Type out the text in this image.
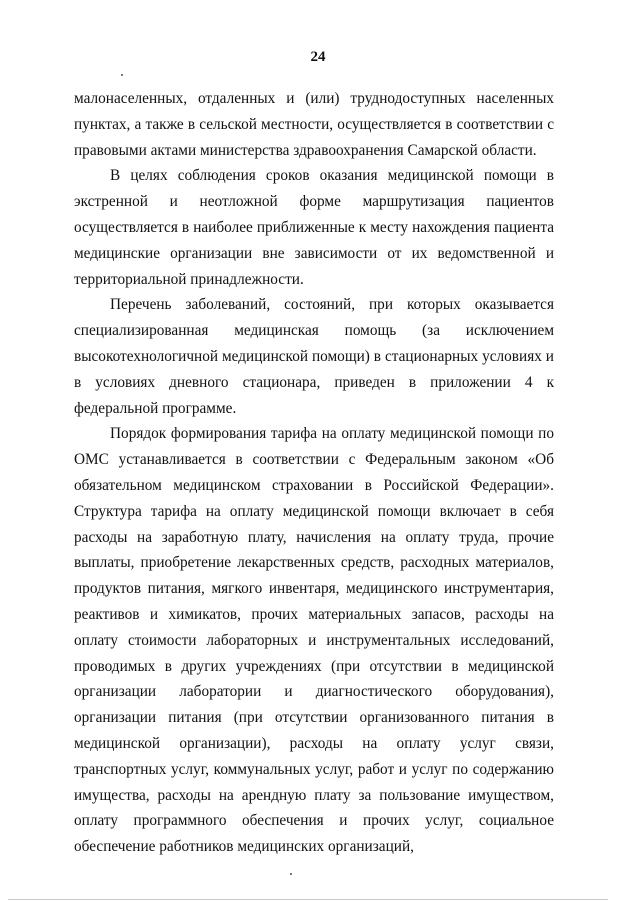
24

малонаселенных, отдаленных и (или) труднодоступных населенных пунктах, а также в сельской местности, осуществляется в соответствии с правовыми актами министерства здравоохранения Самарской области.

В целях соблюдения сроков оказания медицинской помощи в экстренной и неотложной форме маршрутизация пациентов осуществляется в наиболее приближенные к месту нахождения пациента медицинские организации вне зависимости от их ведомственной и территориальной принадлежности.

Перечень заболеваний, состояний, при которых оказывается специализированная медицинская помощь (за исключением высокотехнологичной медицинской помощи) в стационарных условиях и в условиях дневного стационара, приведен в приложении 4 к федеральной программе.

Порядок формирования тарифа на оплату медицинской помощи по ОМС устанавливается в соответствии с Федеральным законом «Об обязательном медицинском страховании в Российской Федерации». Структура тарифа на оплату медицинской помощи включает в себя расходы на заработную плату, начисления на оплату труда, прочие выплаты, приобретение лекарственных средств, расходных материалов, продуктов питания, мягкого инвентаря, медицинского инструментария, реактивов и химикатов, прочих материальных запасов, расходы на оплату стоимости лабораторных и инструментальных исследований, проводимых в других учреждениях (при отсутствии в медицинской организации лаборатории и диагностического оборудования), организации питания (при отсутствии организованного питания в медицинской организации), расходы на оплату услуг связи, транспортных услуг, коммунальных услуг, работ и услуг по содержанию имущества, расходы на арендную плату за пользование имуществом, оплату программного обеспечения и прочих услуг, социальное обеспечение работников медицинских организаций,
